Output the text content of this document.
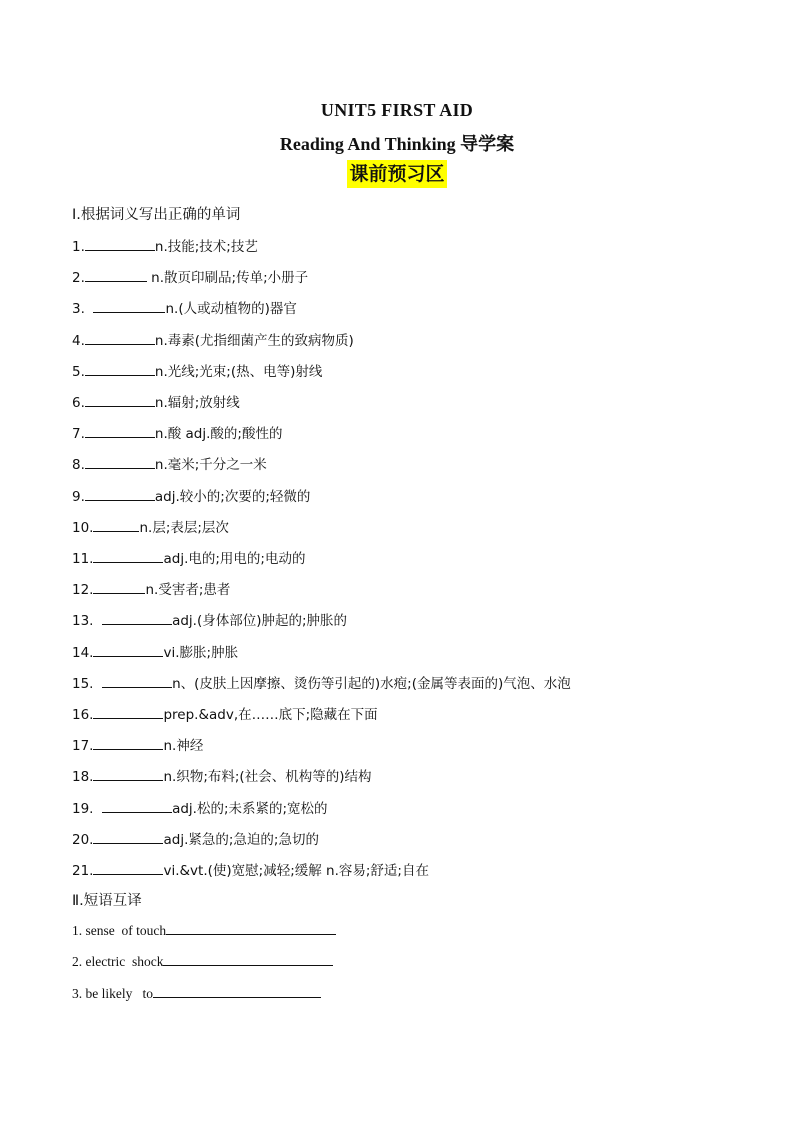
UNIT5 FIRST AID
Reading And Thinking 导学案
课前预习区
I.根据词义写出正确的单词
1.	n.技能;技术;技艺
2.	n.散页印刷品;传单;小册子
3.	n.(人或动植物的)器官
4.	n.毒素(尤指细菌产生的致病物质)
5.	n.光线;光束;(热、电等)射线
6.	n.辐射;放射线
7.	n.酸 adj.酸的;酸性的
8.	n.毫米;千分之一米
9.	adj.较小的;次要的;轻微的
10.	n.层;表层;层次
11.	adj.电的;用电的;电动的
12.	n.受害者;患者
13.	adj.(身体部位)肿起的;肿胀的
14.	vi.膨胀;肿胀
15.	n、(皮肤上因摩擦、烫伤等引起的)水疱;(金属等表面的)气泡、水泡
16.	prep.&adv,在……底下;隐藏在下面
17.	n.神经
18.	n.织物;布料;(社会、机构等的)结构
19.	adj.松的;未系紧的;宽松的
20.	adj.紧急的;急迫的;急切的
21.	vi.&vt.(使)宽慰;减轻;缓解 n.容易;舒适;自在
Ⅱ.短语互译
1. sense  of touch
2. electric  shock
3. be likely   to
